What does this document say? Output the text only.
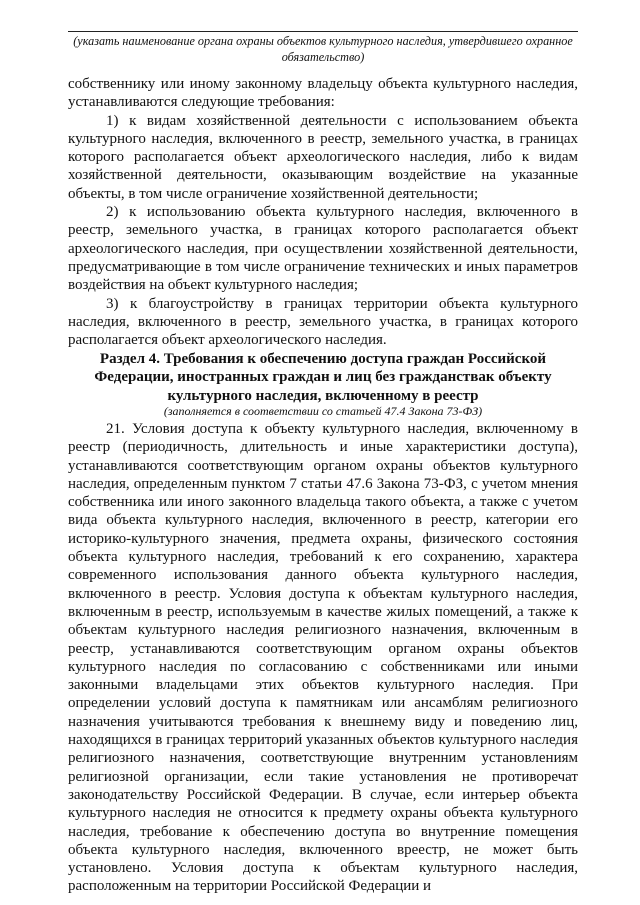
(указать наименование органа охраны объектов культурного наследия, утвердившего охранное обязательство)

собственнику или иному законному владельцу объекта культурного наследия, устанавливаются следующие требования:

1) к видам хозяйственной деятельности с использованием объекта культурного наследия, включенного в реестр, земельного участка, в границах которого располагается объект археологического наследия, либо к видам хозяйственной деятельности, оказывающим воздействие на указанные объекты, в том числе ограничение хозяйственной деятельности;

2) к использованию объекта культурного наследия, включенного в реестр, земельного участка, в границах которого располагается объект археологического наследия, при осуществлении хозяйственной деятельности, предусматривающие в том числе ограничение технических и иных параметров воздействия на объект культурного наследия;

3) к благоустройству в границах территории объекта культурного наследия, включенного в реестр, земельного участка, в границах которого располагается объект археологического наследия.

Раздел 4. Требования к обеспечению доступа граждан Российской Федерации, иностранных граждан и лиц без гражданствак объекту культурного наследия, включенному в реестр
(заполняется в соответствии со статьей 47.4 Закона 73-ФЗ)

21. Условия доступа к объекту культурного наследия, включенному в реестр (периодичность, длительность и иные характеристики доступа), устанавливаются соответствующим органом охраны объектов культурного наследия, определенным пунктом 7 статьи 47.6 Закона 73-ФЗ, с учетом мнения собственника или иного законного владельца такого объекта, а также с учетом вида объекта культурного наследия, включенного в реестр, категории его историко-культурного значения, предмета охраны, физического состояния объекта культурного наследия, требований к его сохранению, характера современного использования данного объекта культурного наследия, включенного в реестр. Условия доступа к объектам культурного наследия, включенным в реестр, используемым в качестве жилых помещений, а также к объектам культурного наследия религиозного назначения, включенным в реестр, устанавливаются соответствующим органом охраны объектов культурного наследия по согласованию с собственниками или иными законными владельцами этих объектов культурного наследия. При определении условий доступа к памятникам или ансамблям религиозного назначения учитываются требования к внешнему виду и поведению лиц, находящихся в границах территорий указанных объектов культурного наследия религиозного назначения, соответствующие внутренним установлениям религиозной организации, если такие установления не противоречат законодательству Российской Федерации. В случае, если интерьер объекта культурного наследия не относится к предмету охраны объекта культурного наследия, требование к обеспечению доступа во внутренние помещения объекта культурного наследия, включенного вреестр, не может быть установлено. Условия доступа к объектам культурного наследия, расположенным на территории Российской Федерации и
